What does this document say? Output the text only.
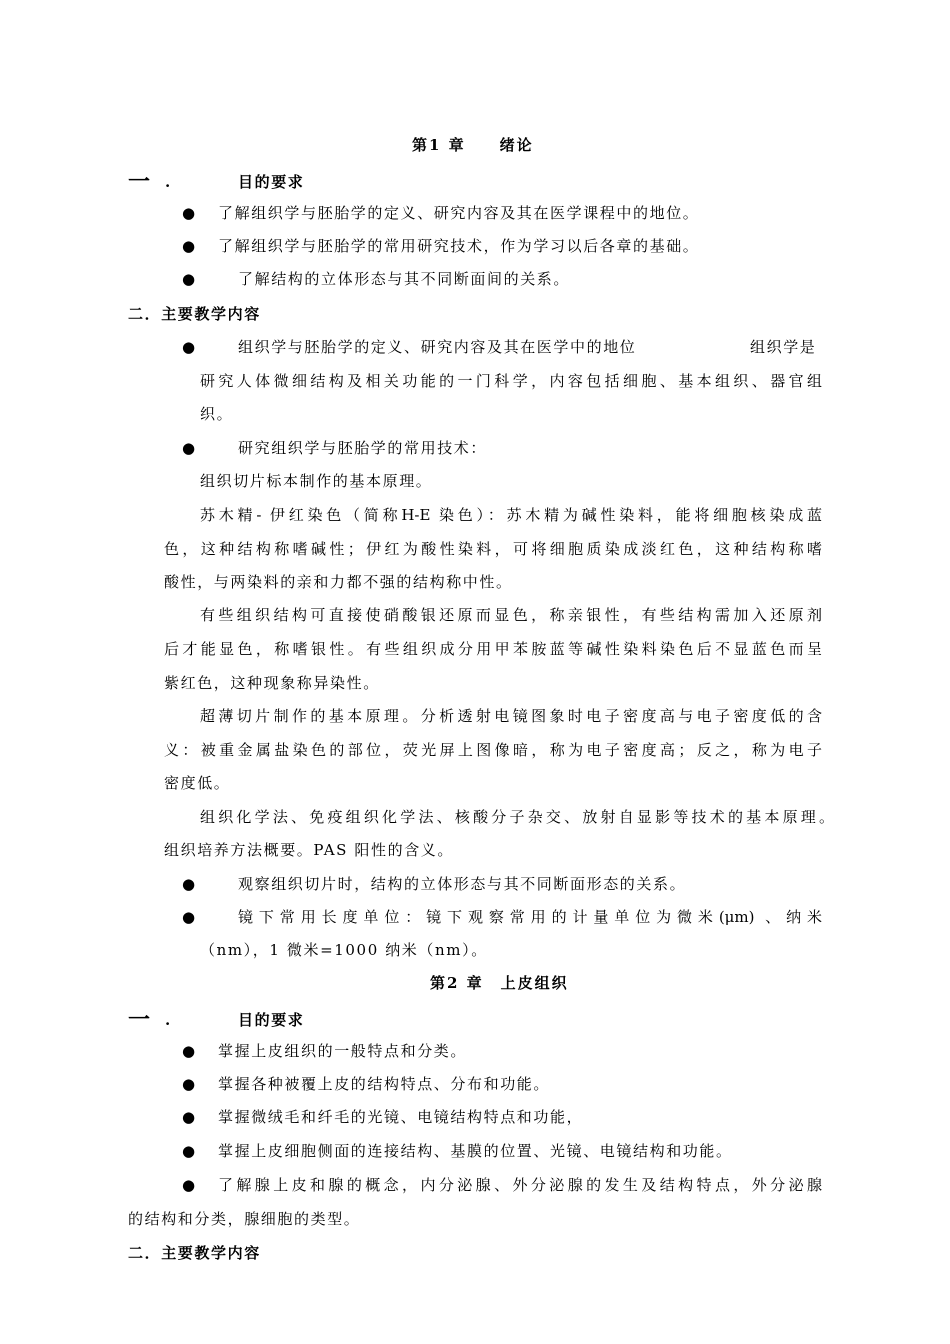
第1 章　　绪论
一 .	目的要求
● 了解组织学与胚胎学的定义、研究内容及其在医学课程中的地位。
● 了解组织学与胚胎学的常用研究技术，作为学习以后各章的基础。
●	了解结构的立体形态与其不同断面间的关系。
二．主要教学内容
●	组织学与胚胎学的定义、研究内容及其在医学中的地位	组织学是
研究人体微细结构及相关功能的一门科学，内容包括细胞、基本组织、器官组
织。
●	研究组织学与胚胎学的常用技术：
组织切片标本制作的基本原理。
苏木精- 伊红染色（简称H-E 染色）：苏木精为碱性染料，能将细胞核染成蓝
色，这种结构称嗜碱性；伊红为酸性染料，可将细胞质染成淡红色，这种结构称嗜
酸性，与两染料的亲和力都不强的结构称中性。
有些组织结构可直接使硝酸银还原而显色，称亲银性，有些结构需加入还原剂
后才能显色，称嗜银性。有些组织成分用甲苯胺蓝等碱性染料染色后不显蓝色而呈
紫红色，这种现象称异染性。
超薄切片制作的基本原理。分析透射电镜图象时电子密度高与电子密度低的含
义：被重金属盐染色的部位，荧光屏上图像暗，称为电子密度高；反之，称为电子
密度低。
组织化学法、免疫组织化学法、核酸分子杂交、放射自显影等技术的基本原理。
组织培养方法概要。PAS 阳性的含义。
●	观察组织切片时，结构的立体形态与其不同断面形态的关系。
●	镜下常用长度单位：镜下观察常用的计量单位为微米(μm) 、纳米
（nm），1 微米=1000 纳米（nm）。
第2 章　上皮组织
一 .	目的要求
● 掌握上皮组织的一般特点和分类。
● 掌握各种被覆上皮的结构特点、分布和功能。
● 掌握微绒毛和纤毛的光镜、电镜结构特点和功能，
● 掌握上皮细胞侧面的连接结构、基膜的位置、光镜、电镜结构和功能。
● 了解腺上皮和腺的概念，内分泌腺、外分泌腺的发生及结构特点，外分泌腺
的结构和分类，腺细胞的类型。
二．主要教学内容
